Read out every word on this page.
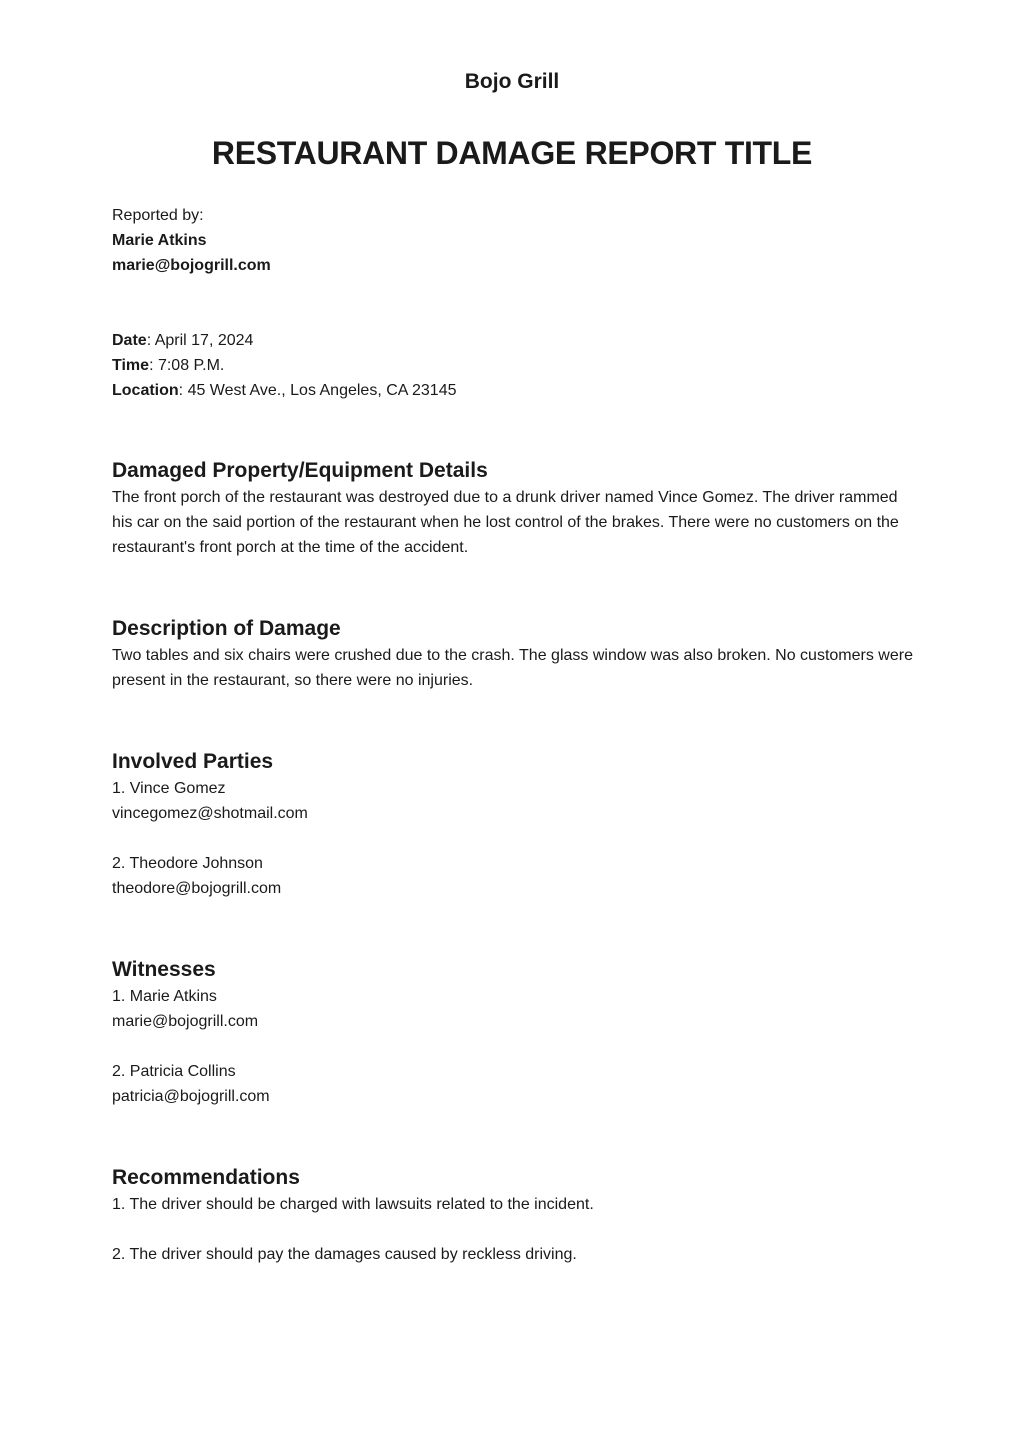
Bojo Grill
RESTAURANT DAMAGE REPORT TITLE

Reported by:

Marie Atkins

marie@bojogrill.com

Date: April 17, 2024

Time: 7:08 P.M.

Location: 45 West Ave., Los Angeles, CA 23145

Damaged Property/Equipment Details

The front porch of the restaurant was destroyed due to a drunk driver named Vince Gomez. The driver rammed his car on the said portion of the restaurant when he lost control of the brakes. There were no customers on the restaurant's front porch at the time of the accident.

Description of Damage

Two tables and six chairs were crushed due to the crash. The glass window was also broken. No customers were present in the restaurant, so there were no injuries.

Involved Parties

1. Vince Gomez

vincegomez@shotmail.com

2. Theodore Johnson

theodore@bojogrill.com

Witnesses

1. Marie Atkins

marie@bojogrill.com

2. Patricia Collins

patricia@bojogrill.com

Recommendations

1. The driver should be charged with lawsuits related to the incident.

2. The driver should pay the damages caused by reckless driving.
